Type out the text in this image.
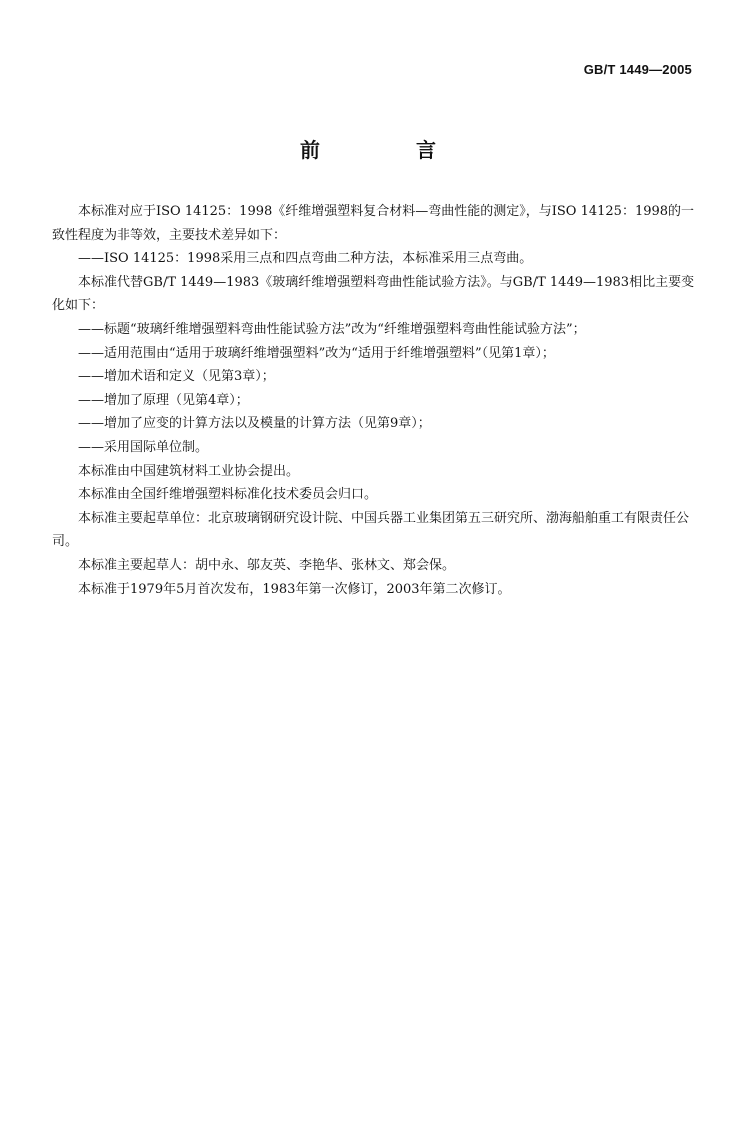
GB/T 1449—2005
前　言

本标准对应于ISO 14125：1998《纤维增强塑料复合材料—弯曲性能的测定》，与ISO 14125：1998的一致性程度为非等效，主要技术差异如下：

——ISO 14125：1998采用三点和四点弯曲二种方法，本标准采用三点弯曲。

本标准代替GB/T 1449—1983《玻璃纤维增强塑料弯曲性能试验方法》。与GB/T 1449—1983相比主要变化如下：

——标题“玻璃纤维增强塑料弯曲性能试验方法”改为“纤维增强塑料弯曲性能试验方法”；

——适用范围由“适用于玻璃纤维增强塑料”改为“适用于纤维增强塑料”（见第1章）；

——增加术语和定义（见第3章）；

——增加了原理（见第4章）；

——增加了应变的计算方法以及模量的计算方法（见第9章）；

——采用国际单位制。

本标准由中国建筑材料工业协会提出。

本标准由全国纤维增强塑料标准化技术委员会归口。

本标准主要起草单位：北京玻璃钢研究设计院、中国兵器工业集团第五三研究所、渤海船舶重工有限责任公司。

本标准主要起草人：胡中永、邬友英、李艳华、张林文、郑会保。

本标准于1979年5月首次发布，1983年第一次修订，2003年第二次修订。
